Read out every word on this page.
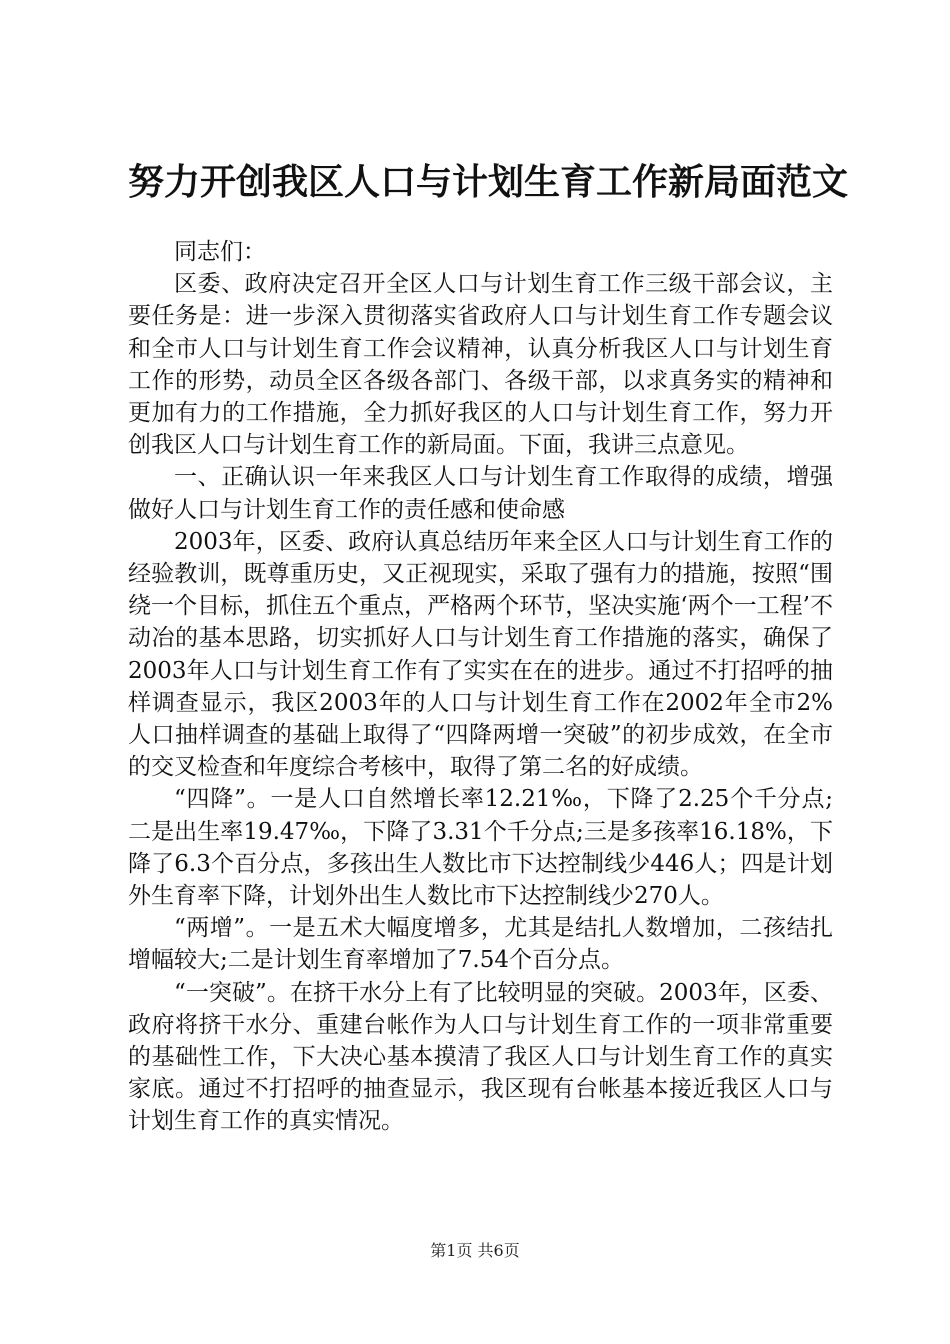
努力开创我区人口与计划生育工作新局面范文

同志们：

区委、政府决定召开全区人口与计划生育工作三级干部会议，主要任务是：进一步深入贯彻落实省政府人口与计划生育工作专题会议和全市人口与计划生育工作会议精神，认真分析我区人口与计划生育工作的形势，动员全区各级各部门、各级干部，以求真务实的精神和更加有力的工作措施，全力抓好我区的人口与计划生育工作，努力开创我区人口与计划生育工作的新局面。下面，我讲三点意见。

一、正确认识一年来我区人口与计划生育工作取得的成绩，增强做好人口与计划生育工作的责任感和使命感

2003年，区委、政府认真总结历年来全区人口与计划生育工作的经验教训，既尊重历史，又正视现实，采取了强有力的措施，按照“围绕一个目标，抓住五个重点，严格两个环节，坚决实施‘两个一工程’不动冶的基本思路，切实抓好人口与计划生育工作措施的落实，确保了2003年人口与计划生育工作有了实实在在的进步。通过不打招呼的抽样调查显示，我区2003年的人口与计划生育工作在2002年全市2%人口抽样调查的基础上取得了“四降两增一突破”的初步成效，在全市的交叉检查和年度综合考核中，取得了第二名的好成绩。

“四降”。一是人口自然增长率12.21‰，下降了2.25个千分点;二是出生率19.47‰，下降了3.31个千分点;三是多孩率16.18%，下降了6.3个百分点，多孩出生人数比市下达控制线少446人；四是计划外生育率下降，计划外出生人数比市下达控制线少270人。

“两增”。一是五术大幅度增多，尤其是结扎人数增加，二孩结扎增幅较大;二是计划生育率增加了7.54个百分点。

“一突破”。在挤干水分上有了比较明显的突破。2003年，区委、政府将挤干水分、重建台帐作为人口与计划生育工作的一项非常重要的基础性工作，下大决心基本摸清了我区人口与计划生育工作的真实家底。通过不打招呼的抽查显示，我区现有台帐基本接近我区人口与计划生育工作的真实情况。

第1页 共6页
